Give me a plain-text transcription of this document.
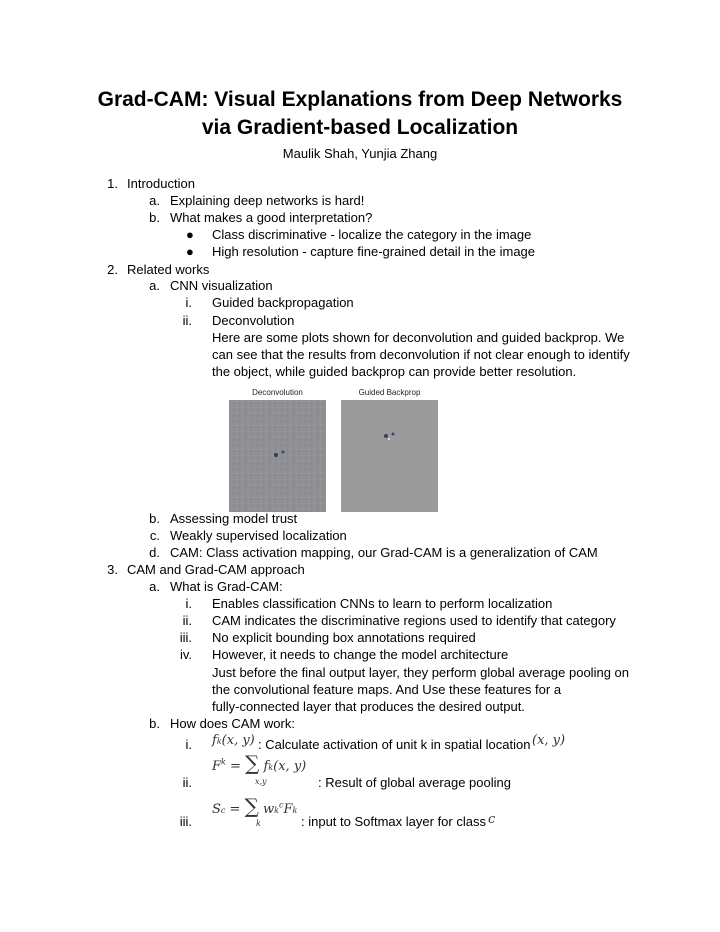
Grad-CAM: Visual Explanations from Deep Networks
via Gradient-based Localization
Maulik Shah, Yunjia Zhang
1. Introduction
a. Explaining deep networks is hard!
b. What makes a good interpretation?
● Class discriminative - localize the category in the image
● High resolution - capture fine-grained detail in the image
2. Related works
a. CNN visualization
i. Guided backpropagation
ii. Deconvolution
Here are some plots shown for deconvolution and guided backprop. We
can see that the results from deconvolution if not clear enough to identify
the object, while guided backprop can provide better resolution.
Deconvolution	Guided Backprop
b. Assessing model trust
c. Weakly supervised localization
d. CAM: Class activation mapping, our Grad-CAM is a generalization of CAM
3. CAM and Grad-CAM approach
a. What is Grad-CAM:
i. Enables classification CNNs to learn to perform localization
ii. CAM indicates the discriminative regions used to identify that category
iii. No explicit bounding box annotations required
iv. However, it needs to change the model architecture
Just before the final output layer, they perform global average pooling on
the convolutional feature maps. And Use these features for a
fully-connected layer that produces the desired output.
b. How does CAM work:
i. fk(x, y) : Calculate activation of unit k in spatial location (x, y)
$F^k$ = ∑ fk(x, y)
x,y
ii.	: Result of global average pooling
Sc = ∑ $wk^cFk$
k
iii.	: input to Softmax layer for class c
